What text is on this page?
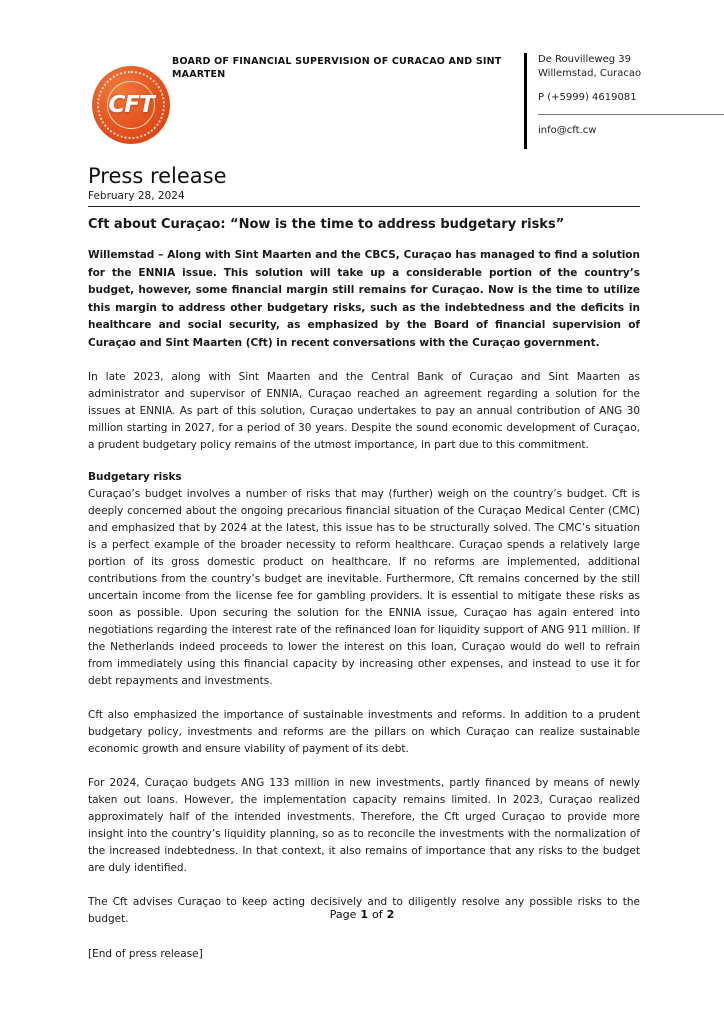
CFT
BOARD OF FINANCIAL SUPERVISION OF CURACAO AND SINT MAARTEN
De Rouvilleweg 39
Willemstad, Curacao
P (+5999) 4619081
info@cft.cw
Press release
February 28, 2024
Cft about Curaçao: “Now is the time to address budgetary risks”

Willemstad – Along with Sint Maarten and the CBCS, Curaçao has managed to find a solution for the ENNIA issue. This solution will take up a considerable portion of the country’s budget, however, some financial margin still remains for Curaçao. Now is the time to utilize this margin to address other budgetary risks, such as the indebtedness and the deficits in healthcare and social security, as emphasized by the Board of financial supervision of Curaçao and Sint Maarten (Cft) in recent conversations with the Curaçao government.

In late 2023, along with Sint Maarten and the Central Bank of Curaçao and Sint Maarten as administrator and supervisor of ENNIA, Curaçao reached an agreement regarding a solution for the issues at ENNIA. As part of this solution, Curaçao undertakes to pay an annual contribution of ANG 30 million starting in 2027, for a period of 30 years. Despite the sound economic development of Curaçao, a prudent budgetary policy remains of the utmost importance, in part due to this commitment.

Budgetary risks

Curaçao’s budget involves a number of risks that may (further) weigh on the country’s budget. Cft is deeply concerned about the ongoing precarious financial situation of the Curaçao Medical Center (CMC) and emphasized that by 2024 at the latest, this issue has to be structurally solved. The CMC’s situation is a perfect example of the broader necessity to reform healthcare. Curaçao spends a relatively large portion of its gross domestic product on healthcare. If no reforms are implemented, additional contributions from the country’s budget are inevitable. Furthermore, Cft remains concerned by the still uncertain income from the license fee for gambling providers. It is essential to mitigate these risks as soon as possible. Upon securing the solution for the ENNIA issue, Curaçao has again entered into negotiations regarding the interest rate of the refinanced loan for liquidity support of ANG 911 million. If the Netherlands indeed proceeds to lower the interest on this loan, Curaçao would do well to refrain from immediately using this financial capacity by increasing other expenses, and instead to use it for debt repayments and investments.

Cft also emphasized the importance of sustainable investments and reforms. In addition to a prudent budgetary policy, investments and reforms are the pillars on which Curaçao can realize sustainable economic growth and ensure viability of payment of its debt.

For 2024, Curaçao budgets ANG 133 million in new investments, partly financed by means of newly taken out loans. However, the implementation capacity remains limited. In 2023, Curaçao realized approximately half of the intended investments. Therefore, the Cft urged Curaçao to provide more insight into the country’s liquidity planning, so as to reconcile the investments with the normalization of the increased indebtedness. In that context, it also remains of importance that any risks to the budget are duly identified.

The Cft advises Curaçao to keep acting decisively and to diligently resolve any possible risks to the budget.

[End of press release]

Page 1 of 2
